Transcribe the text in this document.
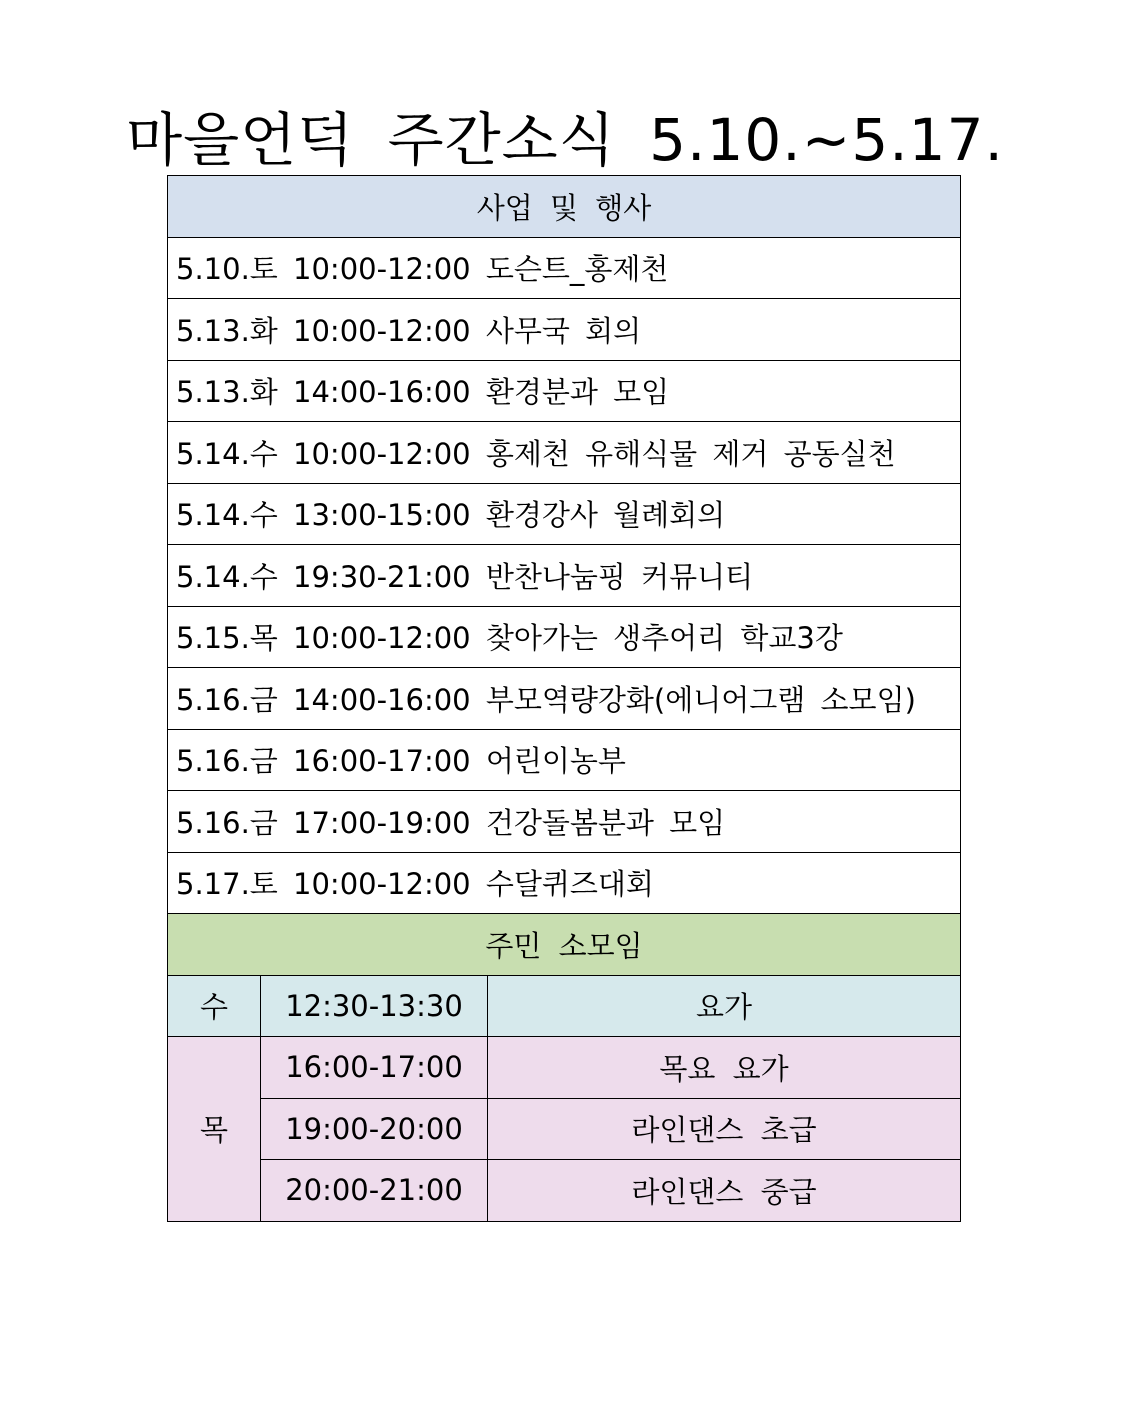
마을언덕 주간소식 5.10.~5.17.
사업 및 행사		
5.10.토 10:00-12:00 도슨트_홍제천		
5.13.화 10:00-12:00 사무국 회의		
5.13.화 14:00-16:00 환경분과 모임		
5.14.수 10:00-12:00 홍제천 유해식물 제거 공동실천		
5.14.수 13:00-15:00 환경강사 월례회의		
5.14.수 19:30-21:00 반찬나눔핑 커뮤니티		
5.15.목 10:00-12:00 찾아가는 생추어리 학교3강		
5.16.금 14:00-16:00 부모역량강화(에니어그램 소모임)		
5.16.금 16:00-17:00 어린이농부		
5.16.금 17:00-19:00 건강돌봄분과 모임		
5.17.토 10:00-12:00 수달퀴즈대회		
주민 소모임		
수	12:30-13:30	요가
목	16:00-17:00	목요 요가
	19:00-20:00	라인댄스 초급
	20:00-21:00	라인댄스 중급
